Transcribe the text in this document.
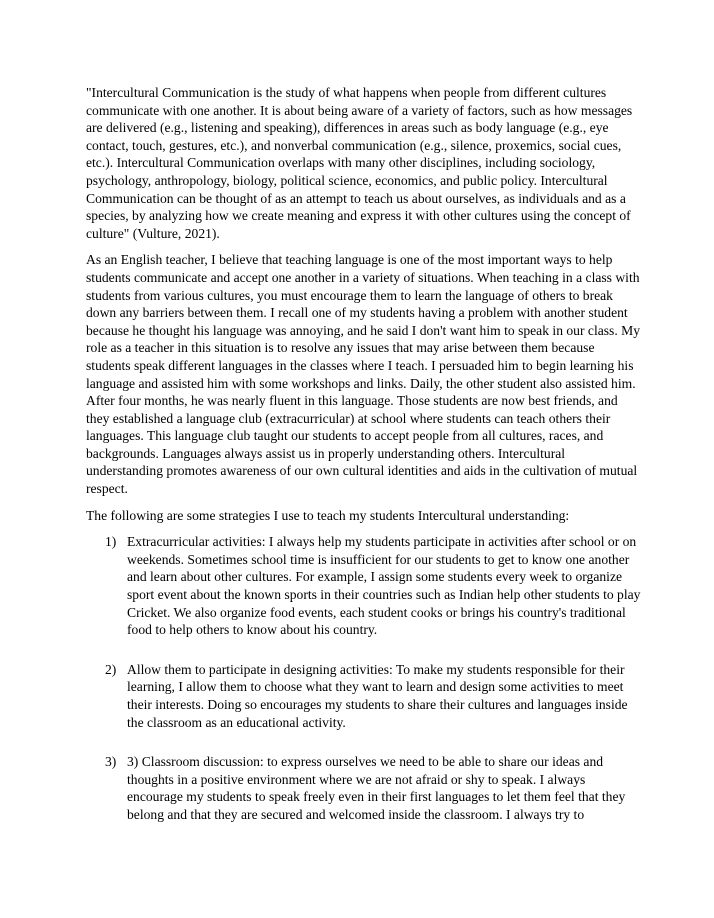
"Intercultural Communication is the study of what happens when people from different cultures communicate with one another. It is about being aware of a variety of factors, such as how messages are delivered (e.g., listening and speaking), differences in areas such as body language (e.g., eye contact, touch, gestures, etc.), and nonverbal communication (e.g., silence, proxemics, social cues, etc.). Intercultural Communication overlaps with many other disciplines, including sociology, psychology, anthropology, biology, political science, economics, and public policy. Intercultural Communication can be thought of as an attempt to teach us about ourselves, as individuals and as a species, by analyzing how we create meaning and express it with other cultures using the concept of culture" (Vulture, 2021).

As an English teacher, I believe that teaching language is one of the most important ways to help students communicate and accept one another in a variety of situations. When teaching in a class with students from various cultures, you must encourage them to learn the language of others to break down any barriers between them. I recall one of my students having a problem with another student because he thought his language was annoying, and he said I don't want him to speak in our class. My role as a teacher in this situation is to resolve any issues that may arise between them because students speak different languages in the classes where I teach. I persuaded him to begin learning his language and assisted him with some workshops and links. Daily, the other student also assisted him. After four months, he was nearly fluent in this language. Those students are now best friends, and they established a language club (extracurricular) at school where students can teach others their languages. This language club taught our students to accept people from all cultures, races, and backgrounds. Languages always assist us in properly understanding others. Intercultural understanding promotes awareness of our own cultural identities and aids in the cultivation of mutual respect.

The following are some strategies I use to teach my students Intercultural understanding:

1) Extracurricular activities: I always help my students participate in activities after school or on weekends. Sometimes school time is insufficient for our students to get to know one another and learn about other cultures. For example, I assign some students every week to organize sport event about the known sports in their countries such as Indian help other students to play Cricket. We also organize food events, each student cooks or brings his country's traditional food to help others to know about his country.
2) Allow them to participate in designing activities: To make my students responsible for their learning, I allow them to choose what they want to learn and design some activities to meet their interests. Doing so encourages my students to share their cultures and languages inside the classroom as an educational activity.
3) 3) Classroom discussion: to express ourselves we need to be able to share our ideas and thoughts in a positive environment where we are not afraid or shy to speak. I always encourage my students to speak freely even in their first languages to let them feel that they belong and that they are secured and welcomed inside the classroom. I always try to
